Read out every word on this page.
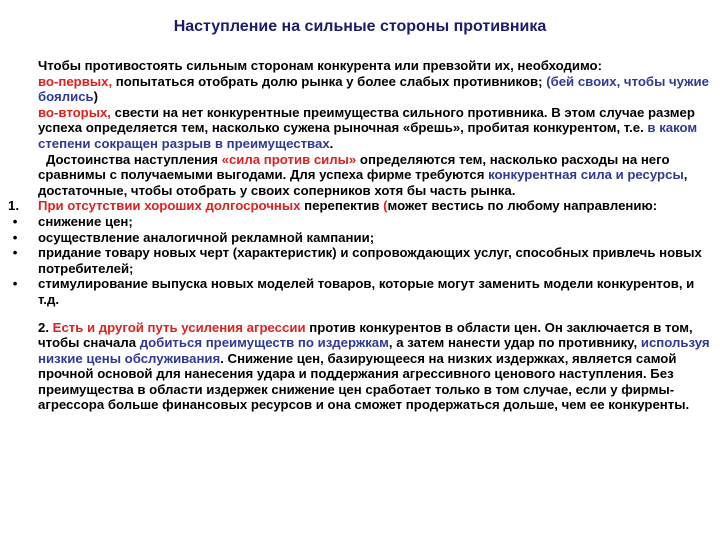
Наступление на сильные стороны противника

Чтобы противостоять сильным сторонам конкурента или превзойти их, необходимо:

во-первых, попытаться отобрать долю рынка у более слабых противников; (бей своих, чтобы чужие боялись)

во-вторых, свести на нет конкурентные преимущества сильного противника. В этом случае размер успеха определяется тем, насколько сужена рыночная «брешь», пробитая конкурентом, т.е. в каком степени сокращен разрыв в преимуществах.

Достоинства наступления «сила против силы» определяются тем, насколько расходы на него сравнимы с получаемыми выгодами. Для успеха фирме требуются конкурентная сила и ресурсы, достаточные, чтобы отобрать у своих соперников хотя бы часть рынка.

1. При отсутствии хороших долгосрочных перепектив (может вестись по любому направлению:

•	снижение цен;

•	осуществление аналогичной рекламной кампании;

•	придание товару новых черт (характеристик) и сопровождающих услуг, способных привлечь новых потребителей;

•	стимулирование выпуска новых моделей товаров, которые могут заменить модели конкурентов, и т.д.

2. Есть и другой путь усиления агрессии против конкурентов в области цен. Он заключается в том, чтобы сначала добиться преимуществ по издержкам, а затем нанести удар по противнику, используя низкие цены обслуживания. Снижение цен, базирующееся на низких издержках, является самой прочной основой для нанесения удара и поддержания агрессивного ценового наступления. Без преимущества в области издержек снижение цен сработает только в том случае, если у фирмы-агрессора больше финансовых ресурсов и она сможет продержаться дольше, чем ее конкуренты.
